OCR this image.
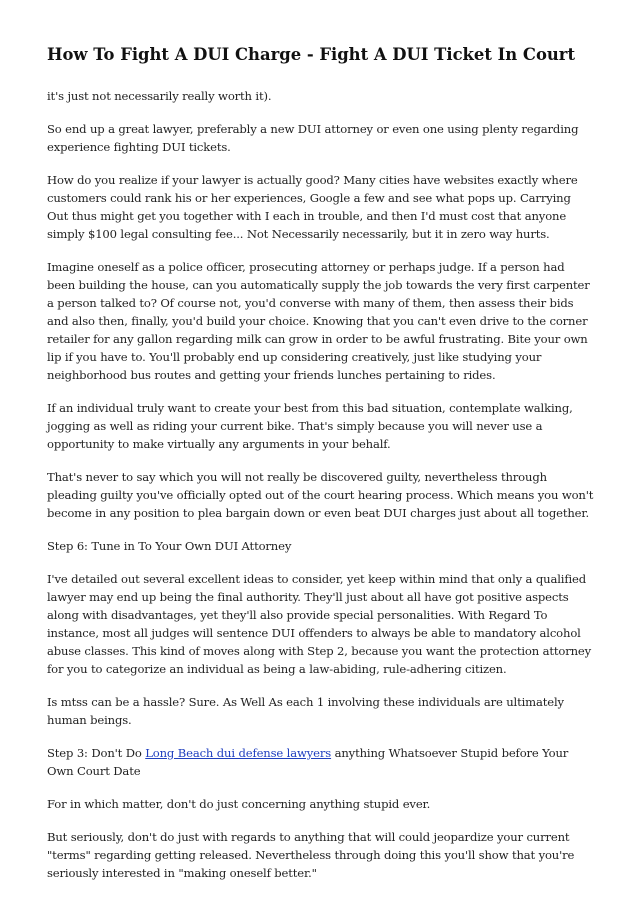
How To Fight A DUI Charge - Fight A DUI Ticket In Court

it's just not necessarily really worth it).

So end up a great lawyer, preferably a new DUI attorney or even one using plenty regarding experience fighting DUI tickets.

How do you realize if your lawyer is actually good? Many cities have websites exactly where customers could rank his or her experiences, Google a few and see what pops up. Carrying Out thus might get you together with I each in trouble, and then I'd must cost that anyone simply $100 legal consulting fee... Not Necessarily necessarily, but it in zero way hurts.

Imagine oneself as a police officer, prosecuting attorney or perhaps judge. If a person had been building the house, can you automatically supply the job towards the very first carpenter a person talked to? Of course not, you'd converse with many of them, then assess their bids and also then, finally, you'd build your choice. Knowing that you can't even drive to the corner retailer for any gallon regarding milk can grow in order to be awful frustrating. Bite your own lip if you have to. You'll probably end up considering creatively, just like studying your neighborhood bus routes and getting your friends lunches pertaining to rides.

If an individual truly want to create your best from this bad situation, contemplate walking, jogging as well as riding your current bike. That's simply because you will never use a opportunity to make virtually any arguments in your behalf.

That's never to say which you will not really be discovered guilty, nevertheless through pleading guilty you've officially opted out of the court hearing process. Which means you won't become in any position to plea bargain down or even beat DUI charges just about all together.

Step 6: Tune in To Your Own DUI Attorney

I've detailed out several excellent ideas to consider, yet keep within mind that only a qualified lawyer may end up being the final authority. They'll just about all have got positive aspects along with disadvantages, yet they'll also provide special personalities. With Regard To instance, most all judges will sentence DUI offenders to always be able to mandatory alcohol abuse classes. This kind of moves along with Step 2, because you want the protection attorney for you to categorize an individual as being a law-abiding, rule-adhering citizen.

Is mtss can be a hassle? Sure. As Well As each 1 involving these individuals are ultimately human beings.

Step 3: Don't Do Long Beach dui defense lawyers anything Whatsoever Stupid before Your Own Court Date

For in which matter, don't do just concerning anything stupid ever.

But seriously, don't do just with regards to anything that will could jeopardize your current "terms" regarding getting released. Nevertheless through doing this you'll show that you're seriously interested in "making oneself better."
